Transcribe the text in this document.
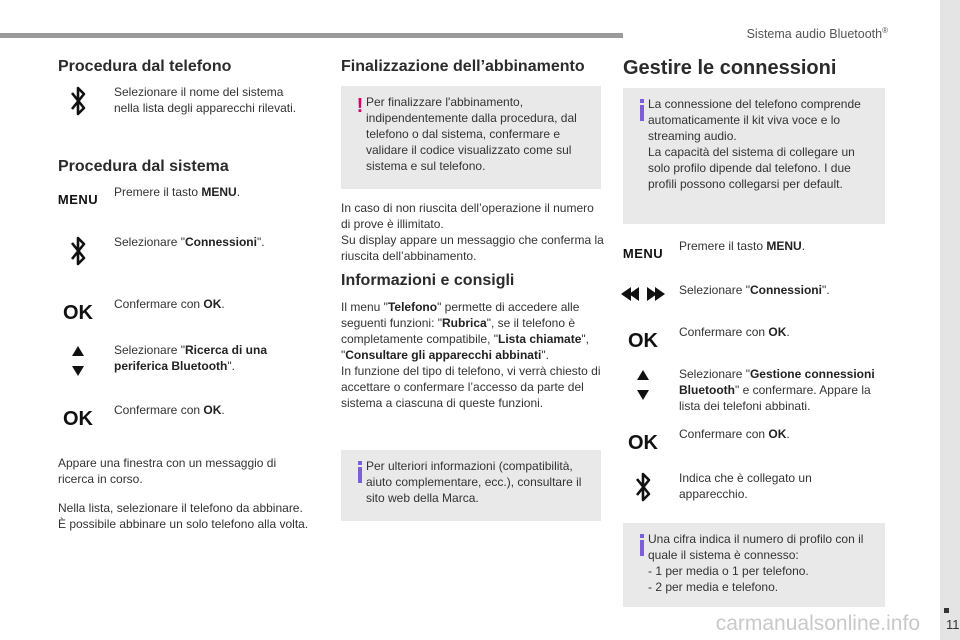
Sistema audio Bluetooth®
11
carmanualsonline.info
Procedura dal telefono
Selezionare il nome del sistema nella lista degli apparecchi rilevati.
Procedura dal sistema
MENU Premere il tasto MENU.
Selezionare "Connessioni".
OK Confermare con OK.
Selezionare "Ricerca di una periferica Bluetooth".
OK Confermare con OK.
Appare una finestra con un messaggio di ricerca in corso.
Nella lista, selezionare il telefono da abbinare.
È possibile abbinare un solo telefono alla volta.
Finalizzazione dell’abbinamento
! Per finalizzare l'abbinamento, indipendentemente dalla procedura, dal telefono o dal sistema, confermare e validare il codice visualizzato come sul sistema e sul telefono.
In caso di non riuscita dell’operazione il numero di prove è illimitato.
Su display appare un messaggio che conferma la riuscita dell’abbinamento.
Informazioni e consigli
Il menu "Telefono" permette di accedere alle seguenti funzioni: "Rubrica", se il telefono è completamente compatibile, "Lista chiamate", "Consultare gli apparecchi abbinati".
In funzione del tipo di telefono, vi verrà chiesto di accettare o confermare l’accesso da parte del sistema a ciascuna di queste funzioni.
Per ulteriori informazioni (compatibilità, aiuto complementare, ecc.), consultare il sito web della Marca.
Gestire le connessioni
La connessione del telefono comprende automaticamente il kit viva voce e lo streaming audio.
La capacità del sistema di collegare un solo profilo dipende dal telefono. I due profili possono collegarsi per default.
MENU Premere il tasto MENU.
Selezionare "Connessioni".
OK Confermare con OK.
Selezionare "Gestione connessioni Bluetooth" e confermare. Appare la lista dei telefoni abbinati.
OK Confermare con OK.
Indica che è collegato un apparecchio.
Una cifra indica il numero di profilo con il quale il sistema è connesso:
- 1 per media o 1 per telefono.
- 2 per media e telefono.
